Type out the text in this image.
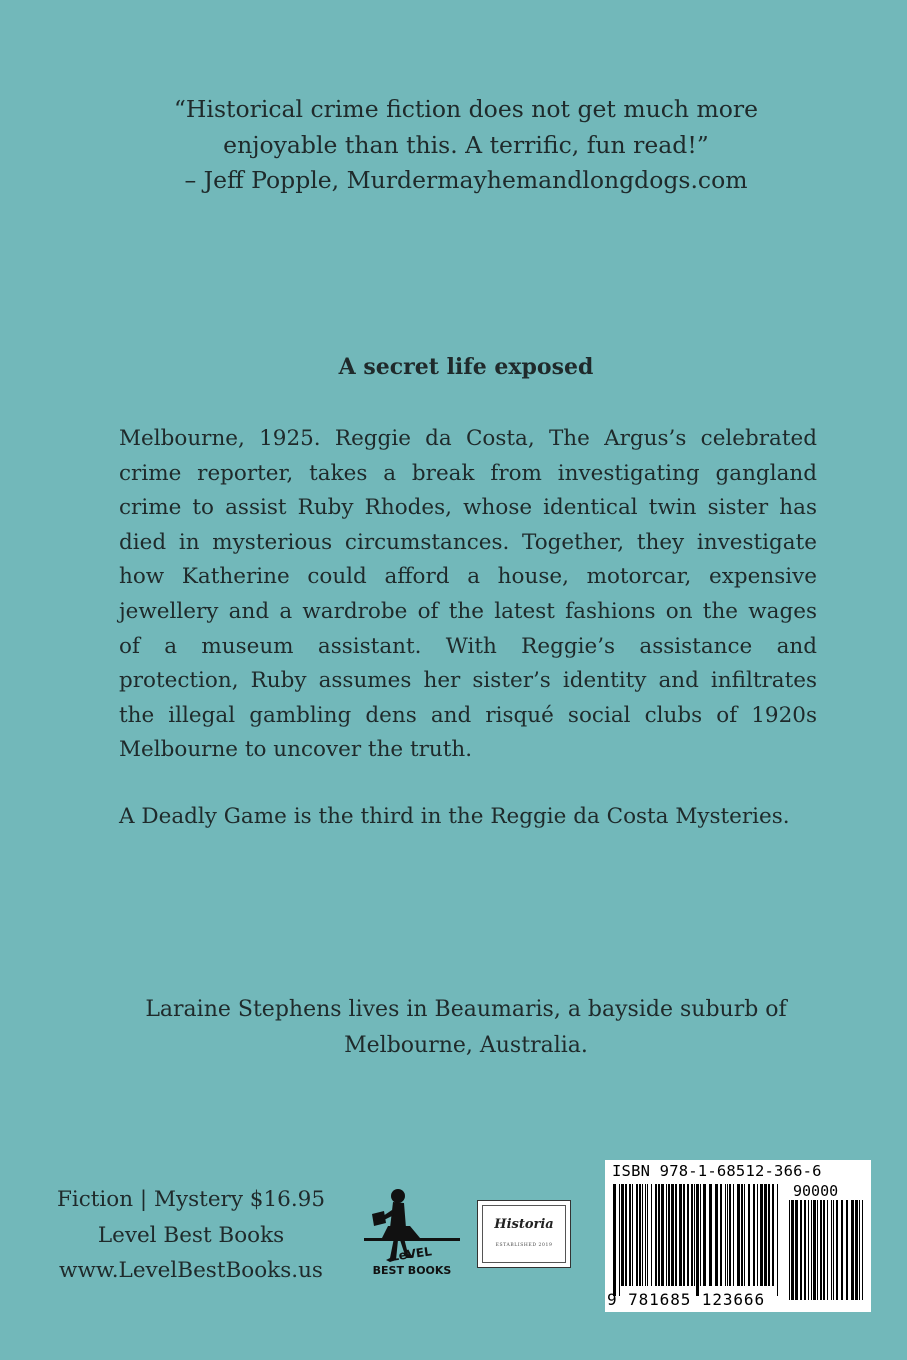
“Historical crime fiction does not get much more
enjoyable than this. A terrific, fun read!”
– Jeff Popple, Murdermayhemandlongdogs.com
A secret life exposed
Melbourne, 1925. Reggie da Costa, The Argus’s celebrated
crime reporter, takes a break from investigating gangland
crime to assist Ruby Rhodes, whose identical twin sister has
died in mysterious circumstances. Together, they investigate
how Katherine could afford a house, motorcar, expensive
jewellery and a wardrobe of the latest fashions on the wages
of a museum assistant. With Reggie’s assistance and
protection, Ruby assumes her sister’s identity and infiltrates
the illegal gambling dens and risqué social clubs of 1920s
Melbourne to uncover the truth.
A Deadly Game is the third in the Reggie da Costa Mysteries.
Laraine Stephens lives in Beaumaris, a bayside suburb of
Melbourne, Australia.
Fiction | Mystery $16.95
Level Best Books
www.LevelBestBooks.us
LeVEL
BEST BOOKS
Historia
ESTABLISHED 2019
ISBN 978-1-68512-366-6
90000
9 781685 123666
